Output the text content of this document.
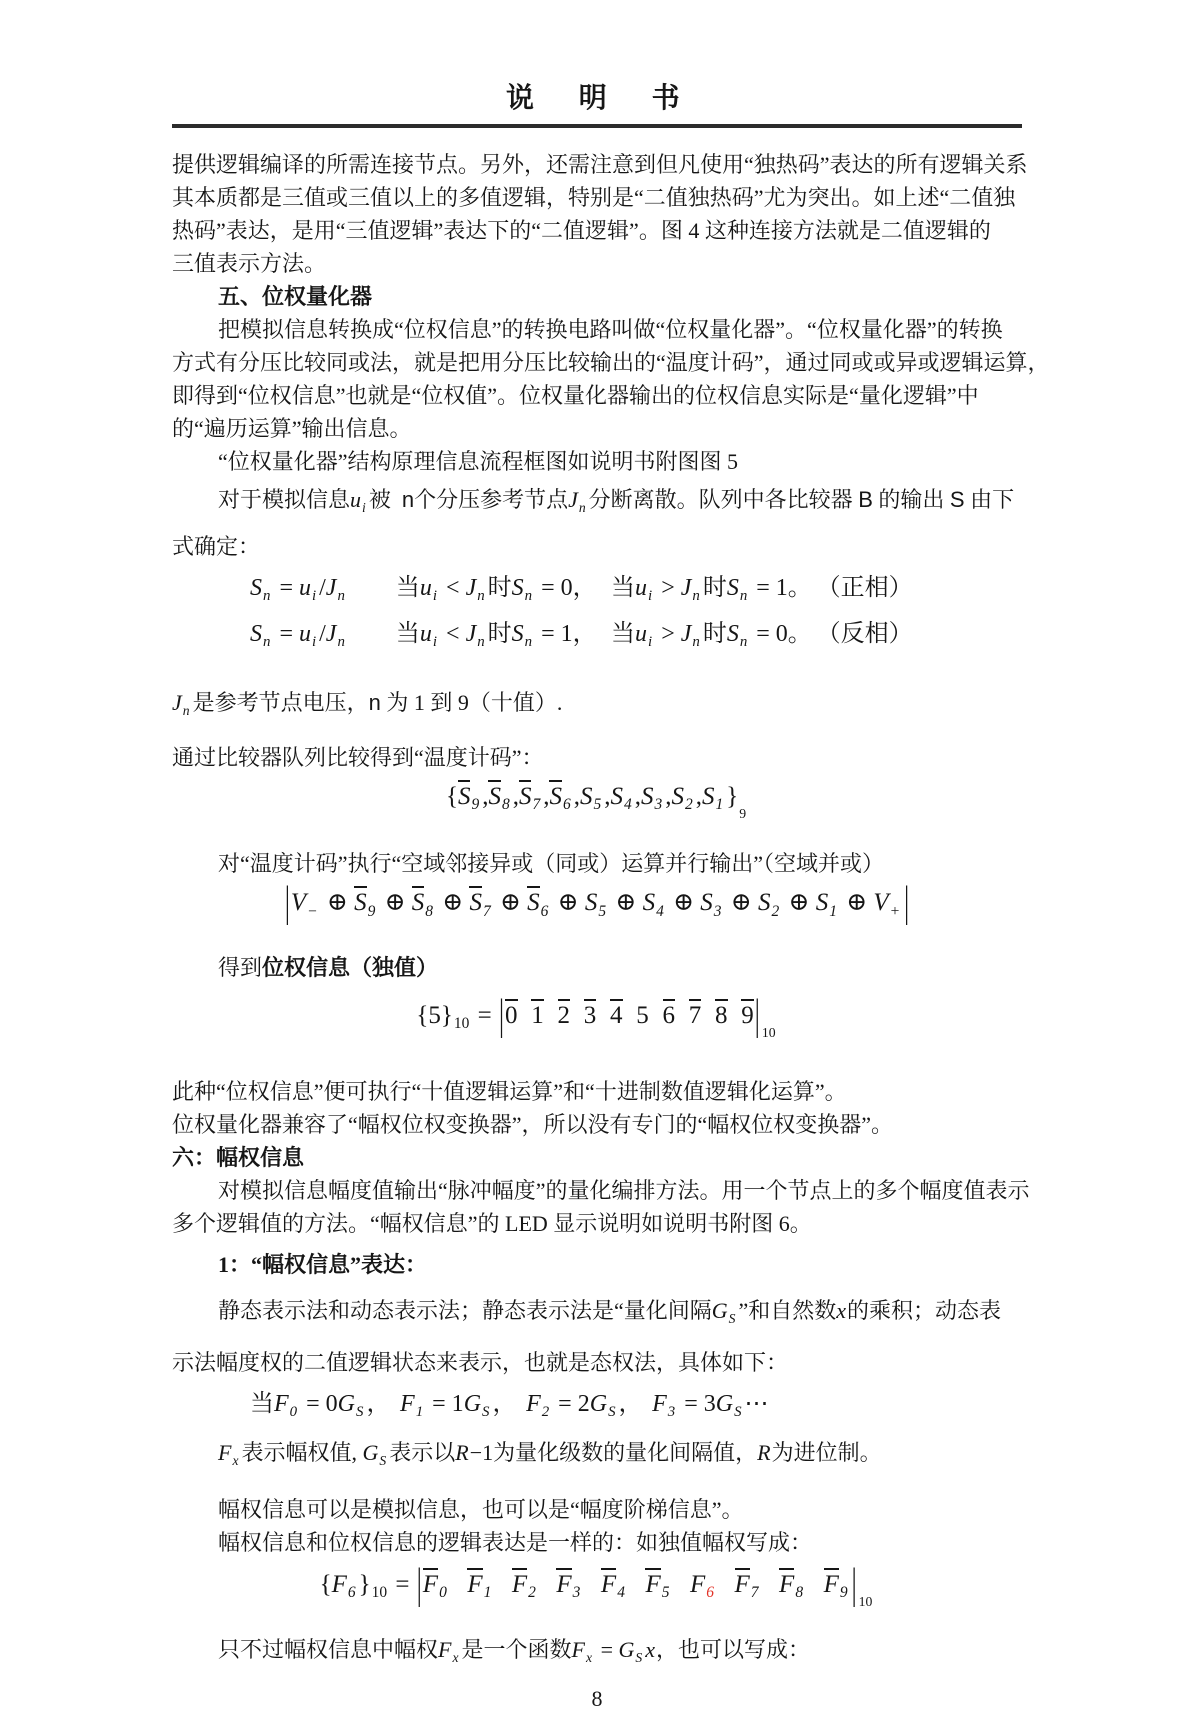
说　明　书
提供逻辑编译的所需连接节点。另外，还需注意到但凡使用“独热码”表达的所有逻辑关系
其本质都是三值或三值以上的多值逻辑，特别是“二值独热码”尤为突出。如上述“二值独
热码”表达，是用“三值逻辑”表达下的“二值逻辑”。图 4 这种连接方法就是二值逻辑的
三值表示方法。
五、位权量化器
把模拟信息转换成“位权信息”的转换电路叫做“位权量化器”。“位权量化器”的转换
方式有分压比较同或法，就是把用分压比较输出的“温度计码”，通过同或或异或逻辑运算，
即得到“位权信息”也就是“位权值”。位权量化器输出的位权信息实际是“量化逻辑”中
的“遍历运算”输出信息。
“位权量化器”结构原理信息流程框图如说明书附图图 5
对于模拟信息$u_i$ 被 n个分压参考节点$J_n$ 分断离散。队列中各比较器 B 的输出 S 由下
式确定：
$S_n = u_i$ $/J_n$ 当$u_i < J_n$ 时$S_n = 0$， 当$u_i > J_n$ 时$S_n = 1$。 （正相）
$S_n = u_i$ $/J_n$ 当$u_i < J_n$ 时$S_n = 1$， 当$u_i > J_n$ 时$S_n = 0$。 （反相）
$J_n$ 是参考节点电压，n 为 1 到 9（十值）.
通过比较器队列比较得到“温度计码”：
{$S_9$ $,S_8$ $,S_7$ $,S_6$ $,S_5$ $,S_4$ $,S_3$ $,S_2$ $,S_1$ }$_9$
对“温度计码”执行“空域邻接异或（同或）运算并行输出”（空域并或）
$|V_-$ ⊕ $S_9$ ⊕ $S_8$ ⊕ $S_7$ ⊕ $S_6$ ⊕ $S_5$ ⊕ $S_4$ ⊕ $S_3$ ⊕ $S_2$ ⊕ $S_1$ ⊕ $V_+$ |
得到位权信息（独值）
$\{5\}_{10} = |0$ 1 2 3 4 5 6 7 8 9| $_{10}$
此种“位权信息”便可执行“十值逻辑运算”和“十进制数值逻辑化运算”。
位权量化器兼容了“幅权位权变换器”，所以没有专门的“幅权位权变换器”。
六：幅权信息
对模拟信息幅度值输出“脉冲幅度”的量化编排方法。用一个节点上的多个幅度值表示
多个逻辑值的方法。“幅权信息”的 LED 显示说明如说明书附图 6。
1：“幅权信息”表达：
静态表示法和动态表示法；静态表示法是“量化间隔$G_S$ ”和自然数x的乘积；动态表
示法幅度权的二值逻辑状态来表示，也就是态权法，具体如下：
当$F_0 = 0G_S$ ， $F_1 = 1G_S$ ， $F_2 = 2G_S$ ， $F_3 = 3G_S$ ⋯
$F_x$ 表示幅权值, $G_S$ 表示以R−1为量化级数的量化间隔值，R为进位制。
幅权信息可以是模拟信息，也可以是“幅度阶梯信息”。
幅权信息和位权信息的逻辑表达是一样的：如独值幅权写成：
{$F_6$ }$_{10} = |F_0$ $F_1$ $F_2$ $F_3$ $F_4$ $F_5$ $F_6$ $F_7$ $F_8$ $F_9$ | $_{10}$
只不过幅权信息中幅权$F_x$ 是一个函数$F_x = G_S$ x，也可以写成：
8
